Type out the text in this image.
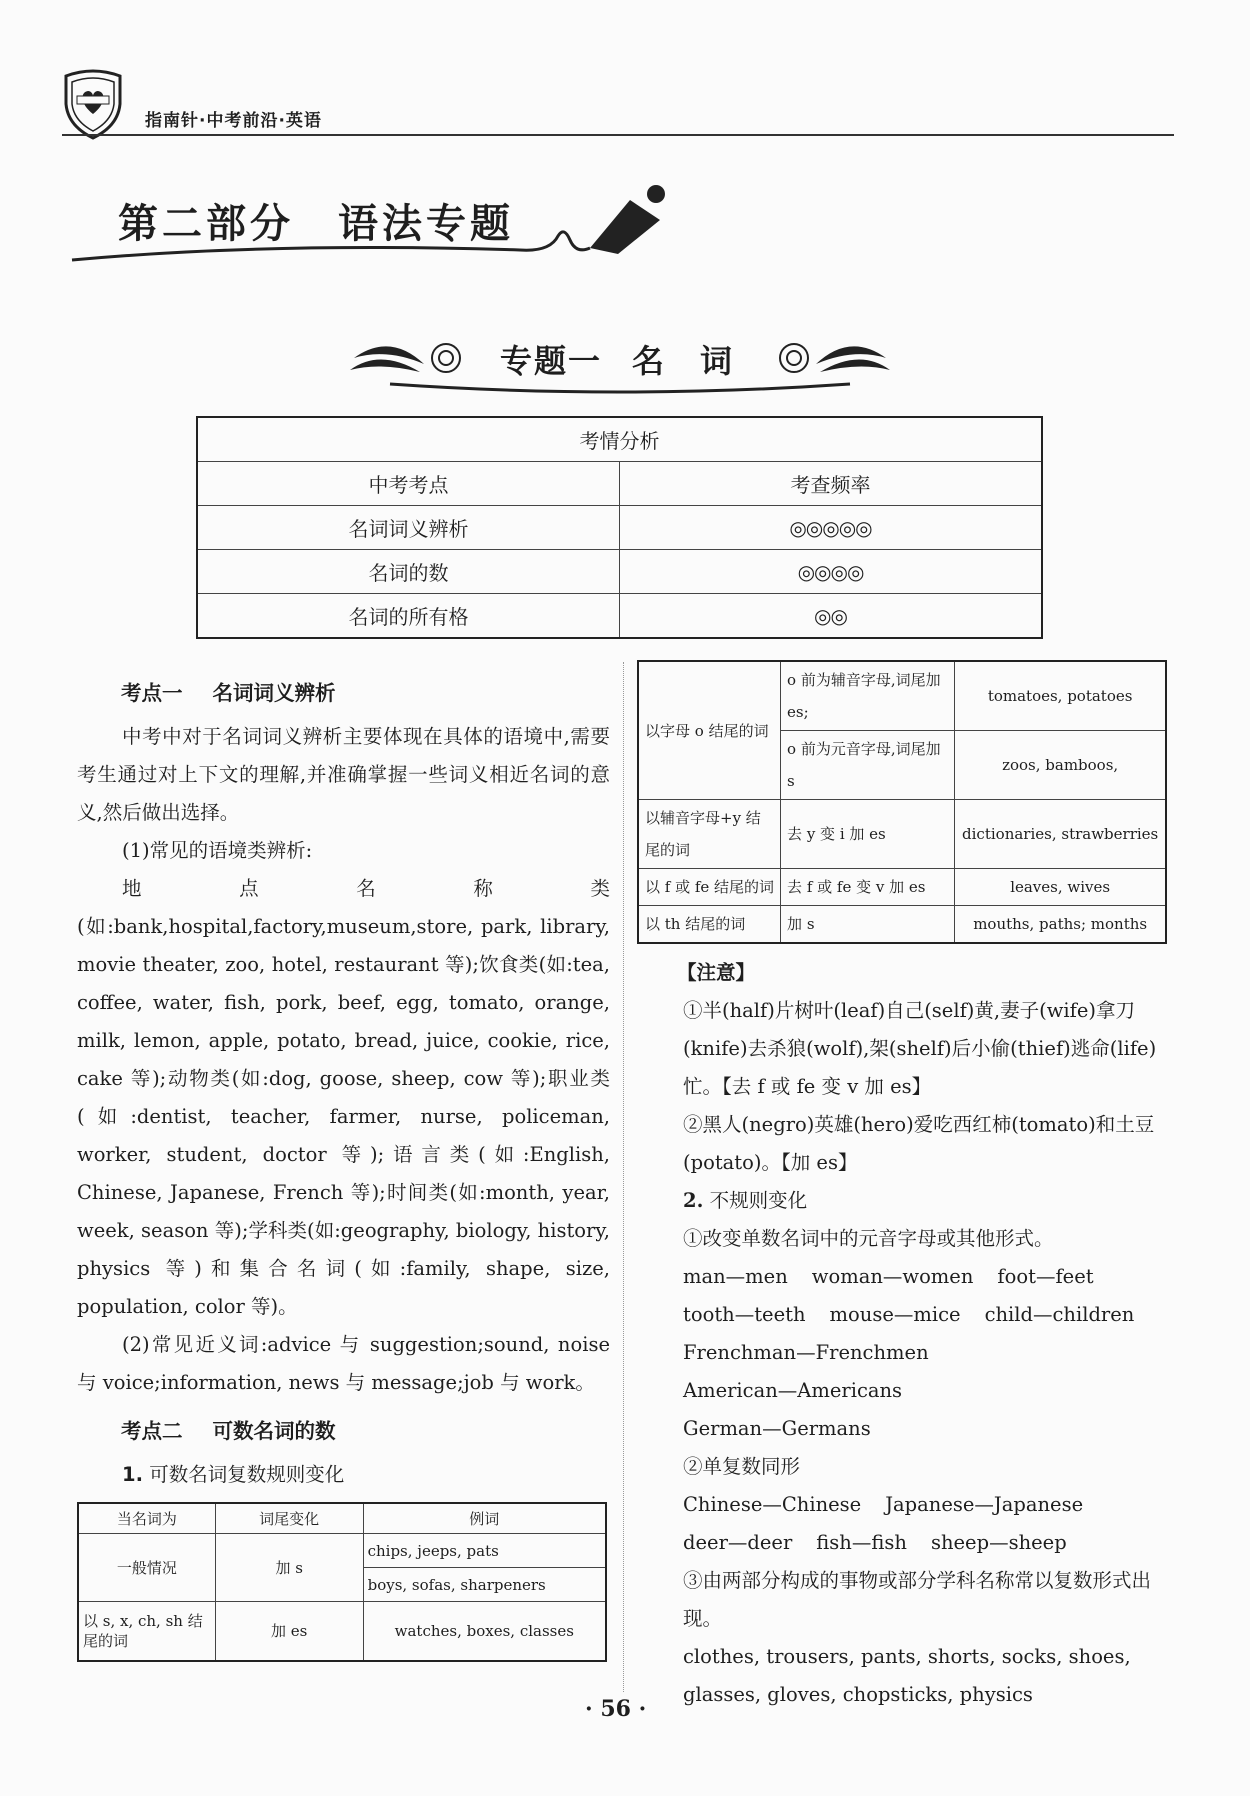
指南针·中考前沿·英语
第二部分 语法专题
专题一 名　词
考情分析	
中考考点	考查频率
名词词义辨析	◎◎◎◎◎
名词的数	◎◎◎◎
名词的所有格	◎◎

考点一 名词词义辨析

中考中对于名词词义辨析主要体现在具体的语境中,需要考生通过对上下文的理解,并准确掌握一些词义相近名词的意义,然后做出选择。

(1)常见的语境类辨析:

地点名称类(如:bank,hospital,factory,museum,store, park, library, movie theater, zoo, hotel, restaurant 等);饮食类(如:tea, coffee, water, fish, pork, beef, egg, tomato, orange, milk, lemon, apple, potato, bread, juice, cookie, rice, cake 等);动物类(如:dog, goose, sheep, cow 等);职业类(如:dentist, teacher, farmer, nurse, policeman, worker, student, doctor 等);语言类(如:English, Chinese, Japanese, French 等);时间类(如:month, year, week, season 等);学科类(如:geography, biology, history, physics 等)和集合名词(如:family, shape, size, population, color 等)。

(2)常见近义词:advice 与 suggestion;sound, noise 与 voice;information, news 与 message;job 与 work。

考点二 可数名词的数

1. 可数名词复数规则变化

当名词为	词尾变化	例词
一般情况	加 s	chips, jeeps, pats
		boys, sofas, sharpeners
以 s, x, ch, sh 结尾的词	加 es	watches, boxes, classes
以字母 o 结尾的词	o 前为辅音字母,词尾加 es;	tomatoes, potatoes
	o 前为元音字母,词尾加 s	zoos, bamboos,
以辅音字母+y 结尾的词	去 y 变 i 加 es	dictionaries, strawberries
以 f 或 fe 结尾的词	去 f 或 fe 变 v 加 es	leaves, wives
以 th 结尾的词	加 s	mouths, paths; months

【注意】

①半(half)片树叶(leaf)自己(self)黄,妻子(wife)拿刀(knife)去杀狼(wolf),架(shelf)后小偷(thief)逃命(life)忙。【去 f 或 fe 变 v 加 es】

②黑人(negro)英雄(hero)爱吃西红柿(tomato)和土豆(potato)。【加 es】

2. 不规则变化

①改变单数名词中的元音字母或其他形式。

man—men woman—women foot—feet
tooth—teeth mouse—mice child—children
Frenchman—FrenchmenAmerican—Americans
German—Germans

②单复数同形

Chinese—Chinese Japanese—Japanese
deer—deer fish—fish sheep—sheep

③由两部分构成的事物或部分学科名称常以复数形式出现。

clothes, trousers, pants, shorts, socks, shoes, glasses, gloves, chopsticks, physics

· 56 ·
